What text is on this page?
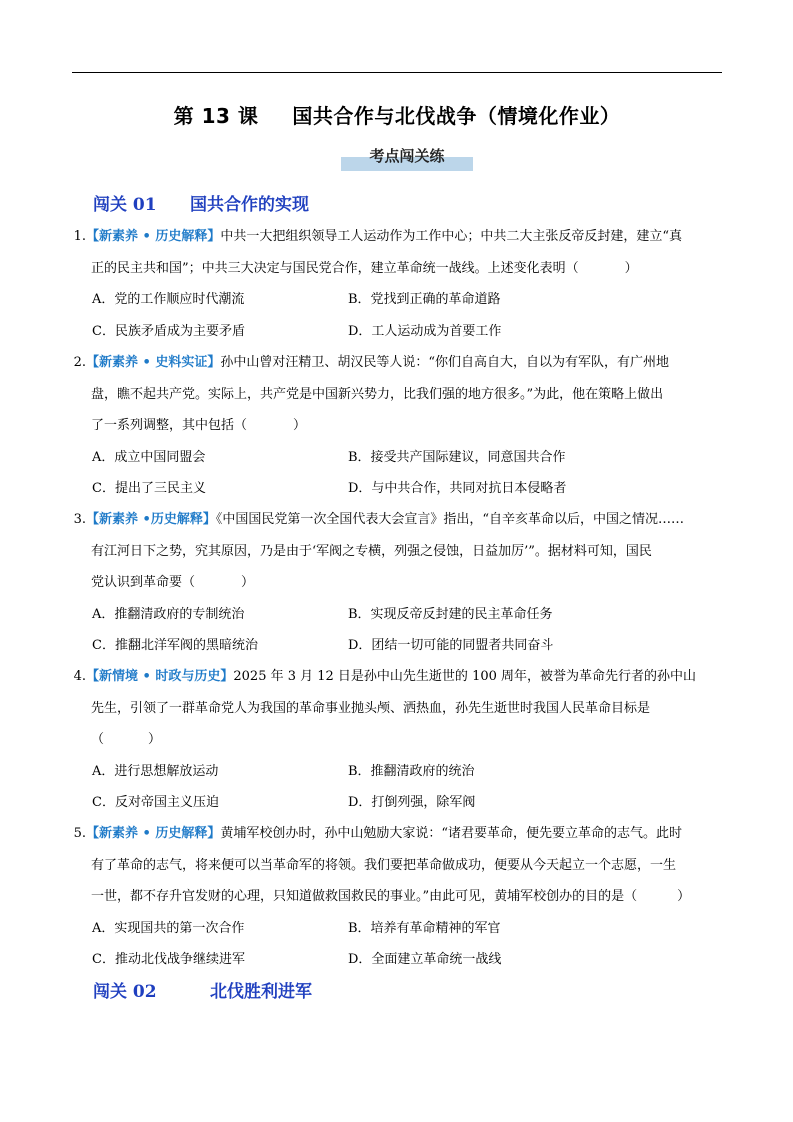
第 13 课 国共合作与北伐战争（情境化作业）
考点闯关练
闯关 01 国共合作的实现
1.【新素养 • 历史解释】中共一大把组织领导工人运动作为工作中心；中共二大主张反帝反封建，建立“真
正的民主共和国”；中共三大决定与国民党合作，建立革命统一战线。上述变化表明（	）
A．党的工作顺应时代潮流	B．党找到正确的革命道路
C．民族矛盾成为主要矛盾	D．工人运动成为首要工作
2.【新素养 • 史料实证】孙中山曾对汪精卫、胡汉民等人说：“你们自高自大，自以为有军队，有广州地
盘，瞧不起共产党。实际上，共产党是中国新兴势力，比我们强的地方很多。”为此，他在策略上做出
了一系列调整，其中包括（	）
A．成立中国同盟会	B．接受共产国际建议，同意国共合作
C．提出了三民主义	D．与中共合作，共同对抗日本侵略者
3.【新素养 •历史解释】《中国国民党第一次全国代表大会宣言》指出，“自辛亥革命以后，中国之情况……
有江河日下之势，究其原因，乃是由于‘军阀之专横，列强之侵蚀，日益加厉’”。据材料可知，国民
党认识到革命要（	）
A．推翻清政府的专制统治	B．实现反帝反封建的民主革命任务
C．推翻北洋军阀的黑暗统治	D．团结一切可能的同盟者共同奋斗
4.【新情境 • 时政与历史】2025 年 3 月 12 日是孙中山先生逝世的 100 周年，被誉为革命先行者的孙中山
先生，引领了一群革命党人为我国的革命事业抛头颅、洒热血，孙先生逝世时我国人民革命目标是
（	）
A．进行思想解放运动	B．推翻清政府的统治
C．反对帝国主义压迫	D．打倒列强，除军阀
5.【新素养 • 历史解释】黄埔军校创办时，孙中山勉励大家说：“诸君要革命，便先要立革命的志气。此时
有了革命的志气，将来便可以当革命军的将领。我们要把革命做成功，便要从今天起立一个志愿，一生
一世，都不存升官发财的心理，只知道做救国救民的事业。”由此可见，黄埔军校创办的目的是（	）
A．实现国共的第一次合作	B．培养有革命精神的军官
C．推动北伐战争继续进军	D．全面建立革命统一战线
闯关 02	北伐胜利进军
